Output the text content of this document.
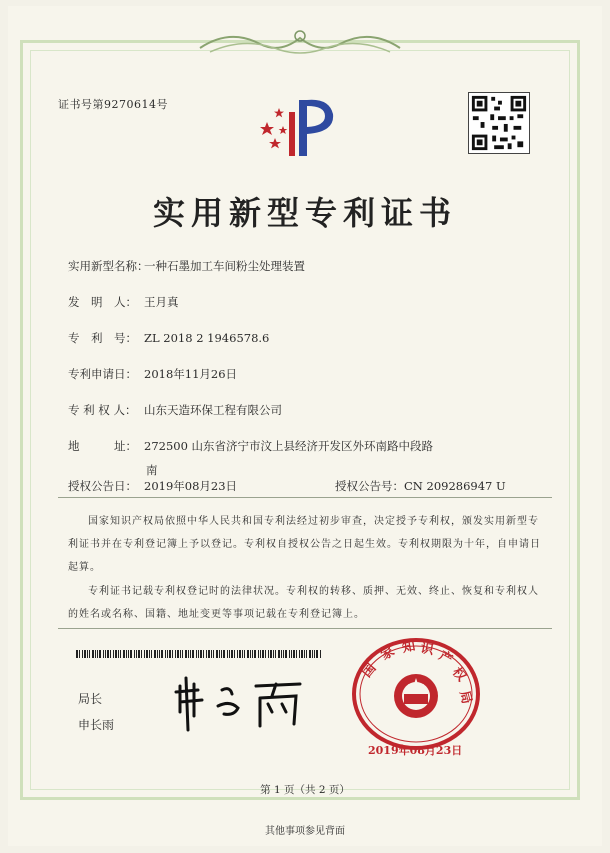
证书号第9270614号
实用新型专利证书
实用新型名称：一种石墨加工车间粉尘处理装置
发　明　人： 王月真
专　利　号： ZL 2018 2 1946578.6
专利申请日： 2018年11月26日
专 利 权 人： 山东天造环保工程有限公司
地　　　址： 272500 山东省济宁市汶上县经济开发区外环南路中段路
南
授权公告日： 2019年08月23日	授权公告号：CN 209286947 U
国家知识产权局依照中华人民共和国专利法经过初步审查，决定授予专利权，颁发实用新型专利证书并在专利登记簿上予以登记。专利权自授权公告之日起生效。专利权期限为十年，自申请日起算。
专利证书记载专利权登记时的法律状况。专利权的转移、质押、无效、终止、恢复和专利权人的姓名或名称、国籍、地址变更等事项记载在专利登记簿上。
局长
申长雨
国
家 知 识 产
权
局
2019年08月23日
第 1 页（共 2 页）
其他事项参见背面
